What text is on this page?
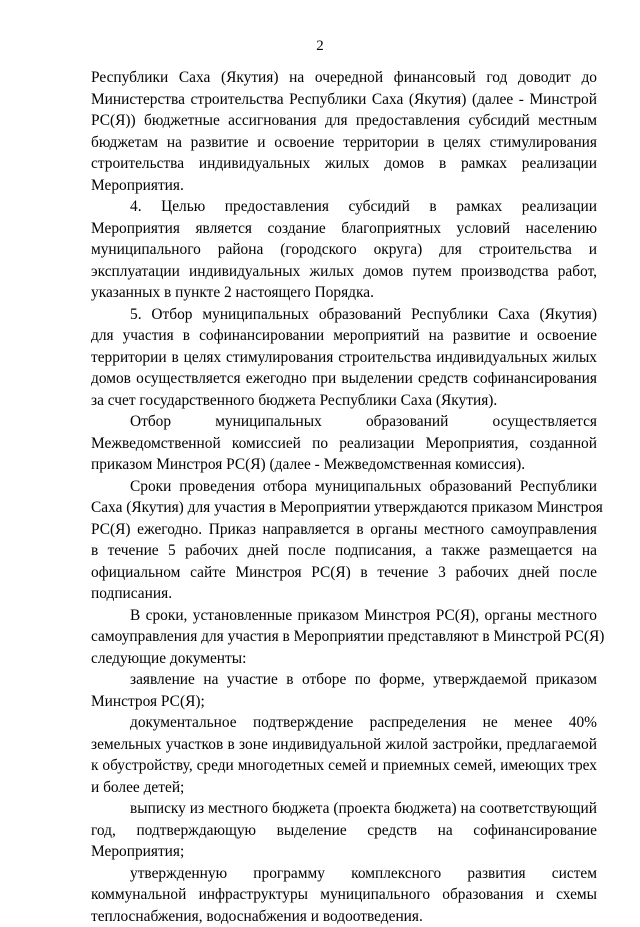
2
Республики Саха (Якутия) на очередной финансовый год доводит до
Министерства строительства Республики Саха (Якутия) (далее - Минстрой
РС(Я)) бюджетные ассигнования для предоставления субсидий местным
бюджетам на развитие и освоение территории в целях стимулирования
строительства индивидуальных жилых домов в рамках реализации
Мероприятия.
4. Целью предоставления субсидий в рамках реализации
Мероприятия является создание благоприятных условий населению
муниципального района (городского округа) для строительства и
эксплуатации индивидуальных жилых домов путем производства работ,
указанных в пункте 2 настоящего Порядка.
5. Отбор муниципальных образований Республики Саха (Якутия)
для участия в софинансировании мероприятий на развитие и освоение
территории в целях стимулирования строительства индивидуальных жилых
домов осуществляется ежегодно при выделении средств софинансирования
за счет государственного бюджета Республики Саха (Якутия).
Отбор муниципальных образований осуществляется
Межведомственной комиссией по реализации Мероприятия, созданной
приказом Минстроя РС(Я) (далее - Межведомственная комиссия).
Сроки проведения отбора муниципальных образований Республики
Саха (Якутия) для участия в Мероприятии утверждаются приказом Минстроя
РС(Я) ежегодно. Приказ направляется в органы местного самоуправления
в течение 5 рабочих дней после подписания, а также размещается на
официальном сайте Минстроя РС(Я) в течение 3 рабочих дней после
подписания.
В сроки, установленные приказом Минстроя РС(Я), органы местного
самоуправления для участия в Мероприятии представляют в Минстрой РС(Я)
следующие документы:
заявление на участие в отборе по форме, утверждаемой приказом
Минстроя РС(Я);
документальное подтверждение распределения не менее 40%
земельных участков в зоне индивидуальной жилой застройки, предлагаемой
к обустройству, среди многодетных семей и приемных семей, имеющих трех
и более детей;
выписку из местного бюджета (проекта бюджета) на соответствующий
год, подтверждающую выделение средств на софинансирование
Мероприятия;
утвержденную программу комплексного развития систем
коммунальной инфраструктуры муниципального образования и схемы
теплоснабжения, водоснабжения и водоотведения.
